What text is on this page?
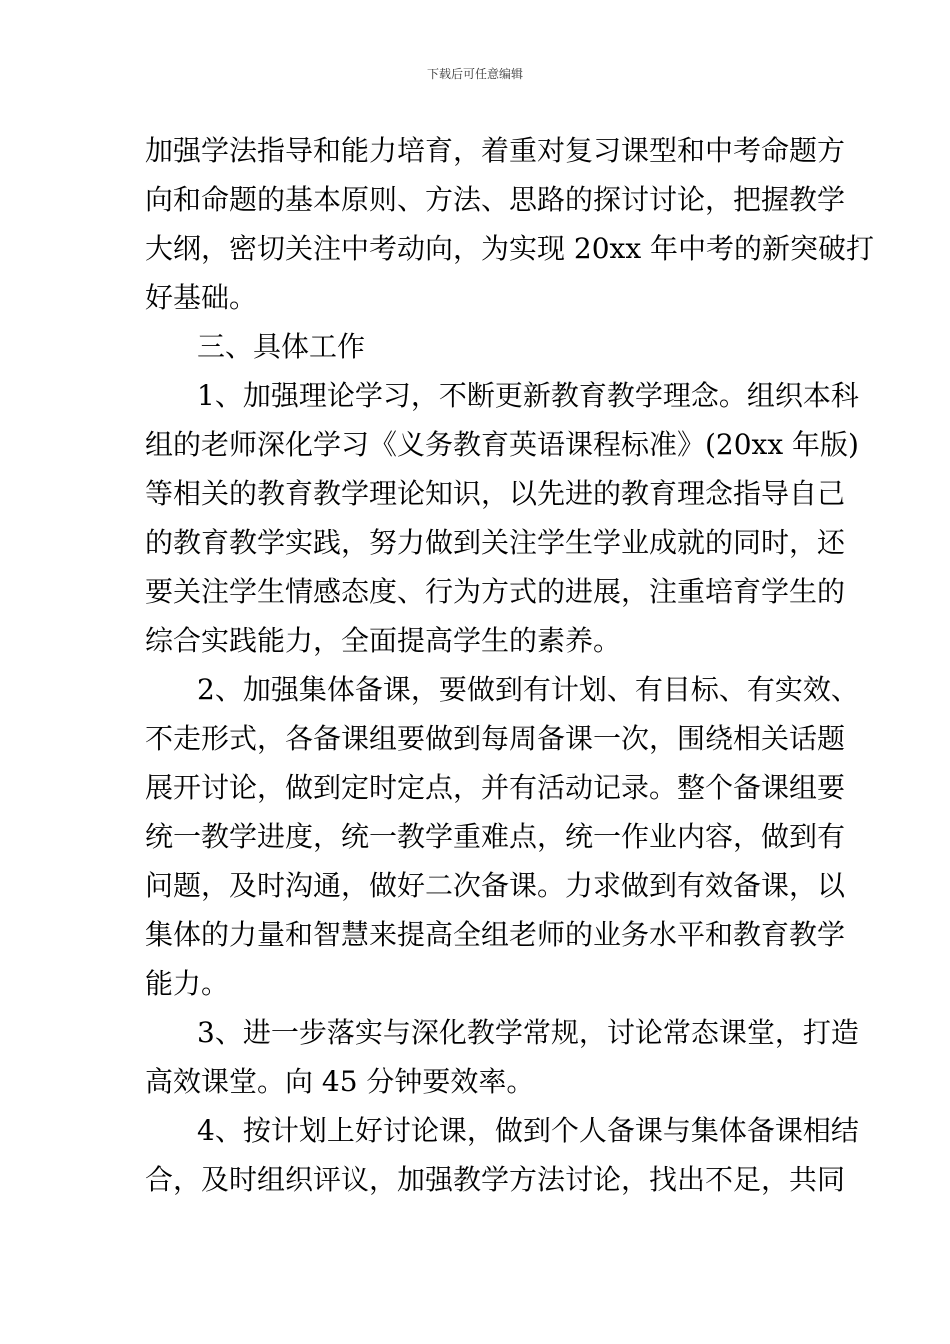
下载后可任意编辑
加强学法指导和能力培育，着重对复习课型和中考命题方
向和命题的基本原则、方法、思路的探讨讨论，把握教学
大纲，密切关注中考动向，为实现 20xx 年中考的新突破打
好基础。
三、具体工作
1、加强理论学习，不断更新教育教学理念。组织本科
组的老师深化学习《义务教育英语课程标准》(20xx 年版)
等相关的教育教学理论知识，以先进的教育理念指导自己
的教育教学实践，努力做到关注学生学业成就的同时，还
要关注学生情感态度、行为方式的进展，注重培育学生的
综合实践能力，全面提高学生的素养。
2、加强集体备课，要做到有计划、有目标、有实效、
不走形式，各备课组要做到每周备课一次，围绕相关话题
展开讨论，做到定时定点，并有活动记录。整个备课组要
统一教学进度，统一教学重难点，统一作业内容，做到有
问题，及时沟通，做好二次备课。力求做到有效备课，以
集体的力量和智慧来提高全组老师的业务水平和教育教学
能力。
3、进一步落实与深化教学常规，讨论常态课堂，打造
高效课堂。向 45 分钟要效率。
4、按计划上好讨论课，做到个人备课与集体备课相结
合，及时组织评议，加强教学方法讨论，找出不足，共同
